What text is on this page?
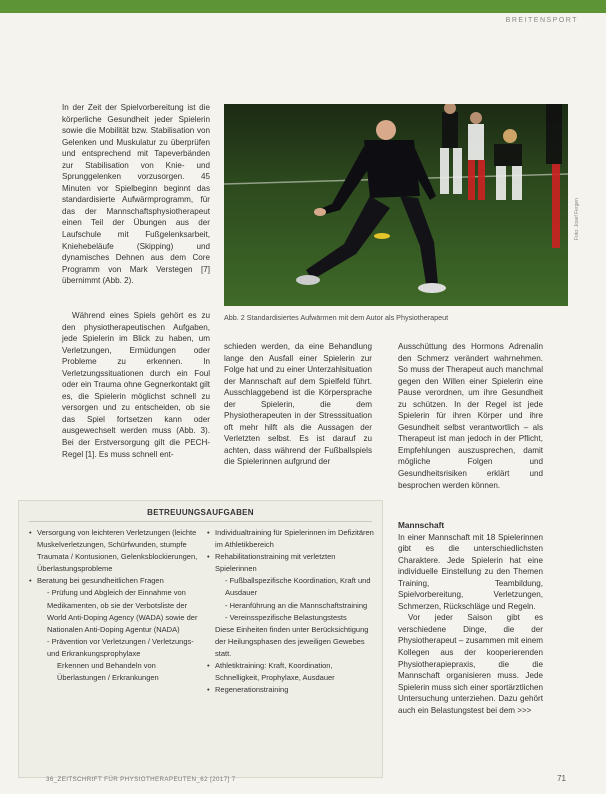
BREITENSPORT

In der Zeit der Spielvorbereitung ist die körperliche Gesundheit jeder Spielerin sowie die Mobilität bzw. Stabilisation von Gelenken und Muskulatur zu überprüfen und entsprechend mit Tapeverbänden zur Stabilisation von Knie- und Sprunggelenken vorzusorgen. 45 Minuten vor Spielbeginn beginnt das standardisierte Aufwärmprogramm, für das der Mannschaftsphysiotherapeut einen Teil der Übungen aus der Laufschule mit Fußgelenksarbeit, Kniehebeläufe (Skipping) und dynamisches Dehnen aus dem Core Programm von Mark Verstegen [7] übernimmt (Abb. 2).

Während eines Spiels gehört es zu den physiotherapeutischen Aufgaben, jede Spielerin im Blick zu haben, um Verletzungen, Ermüdungen oder Probleme zu erkennen. In Verletzungssituationen durch ein Foul oder ein Trauma ohne Gegnerkontakt gilt es, die Spielerin möglichst schnell zu versorgen und zu entscheiden, ob sie das Spiel fortsetzen kann oder ausgewechselt werden muss (Abb. 3). Bei der Erstversorgung gilt die PECH-Regel [1]. Es muss schnell ent-

Foto: Josef Fergen
Abb. 2 Standardisiertes Aufwärmen mit dem Autor als Physiotherapeut

schieden werden, da eine Behandlung lange den Ausfall einer Spielerin zur Folge hat und zu einer Unterzahlsituation der Mannschaft auf dem Spielfeld führt. Ausschlaggebend ist die Körpersprache der Spielerin, die dem Physiotherapeuten in der Stresssituation oft mehr hilft als die Aussagen der Verletzten selbst. Es ist darauf zu achten, dass während der Fußballspiels die Spielerinnen aufgrund der

Ausschüttung des Hormons Adrenalin den Schmerz verändert wahrnehmen. So muss der Therapeut auch manchmal gegen den Willen einer Spielerin eine Pause verordnen, um ihre Gesundheit zu schützen. In der Regel ist jede Spielerin für ihren Körper und ihre Gesundheit selbst verantwortlich – als Therapeut ist man jedoch in der Pflicht, Empfehlungen auszusprechen, damit mögliche Folgen und Gesundheitsrisiken erklärt und besprochen werden können.

Mannschaft

In einer Mannschaft mit 18 Spielerinnen gibt es die unterschiedlichsten Charaktere. Jede Spielerin hat eine individuelle Einstellung zu den Themen Training, Teambildung, Spielvorbereitung, Verletzungen, Schmerzen, Rückschläge und Regeln.

Vor jeder Saison gibt es verschiedene Dinge, die der Physiotherapeut – zusammen mit einem Kollegen aus der kooperierenden Physiotherapiepraxis, die die Mannschaft organisieren muss. Jede Spielerin muss sich einer sportärztlichen Untersuchung unterziehen. Dazu gehört auch ein Belastungstest bei dem >>>

BETREUUNGSAUFGABEN
• Versorgung von leichteren Verletzungen (leichte Muskelverletzungen, Schürfwunden, stumpfe Traumata / Kontusionen, Gelenksblockierungen, Überlastungsprobleme
• Beratung bei gesundheitlichen Fragen
- Prüfung und Abgleich der Einnahme von Medikamenten, ob sie der Verbotsliste der World Anti-Doping Agency (WADA) sowie der Nationalen Anti-Doping Agentur (NADA)
- Prävention vor Verletzungen / Verletzungs- und Erkrankungsprophylaxe
Erkennen und Behandeln von Überlastungen / Erkrankungen
• Individualtraining für Spielerinnen im Defizitären im Athletikbereich
• Rehabilitationstraining mit verletzten Spielerinnen
- Fußballspezifische Koordination, Kraft und Ausdauer
- Heranführung an die Mannschaftstraining
- Vereinsspezifische Belastungstests
Diese Einheiten finden unter Berücksichtigung der Heilungsphasen des jeweiligen Gewebes statt.
• Athletiktraining: Kraft, Koordination, Schnelligkeit, Prophylaxe, Ausdauer
• Regenerationstraining
36_ZEITSCHRIFT FÜR PHYSIOTHERAPEUTEN_62 [2017] 7	71
